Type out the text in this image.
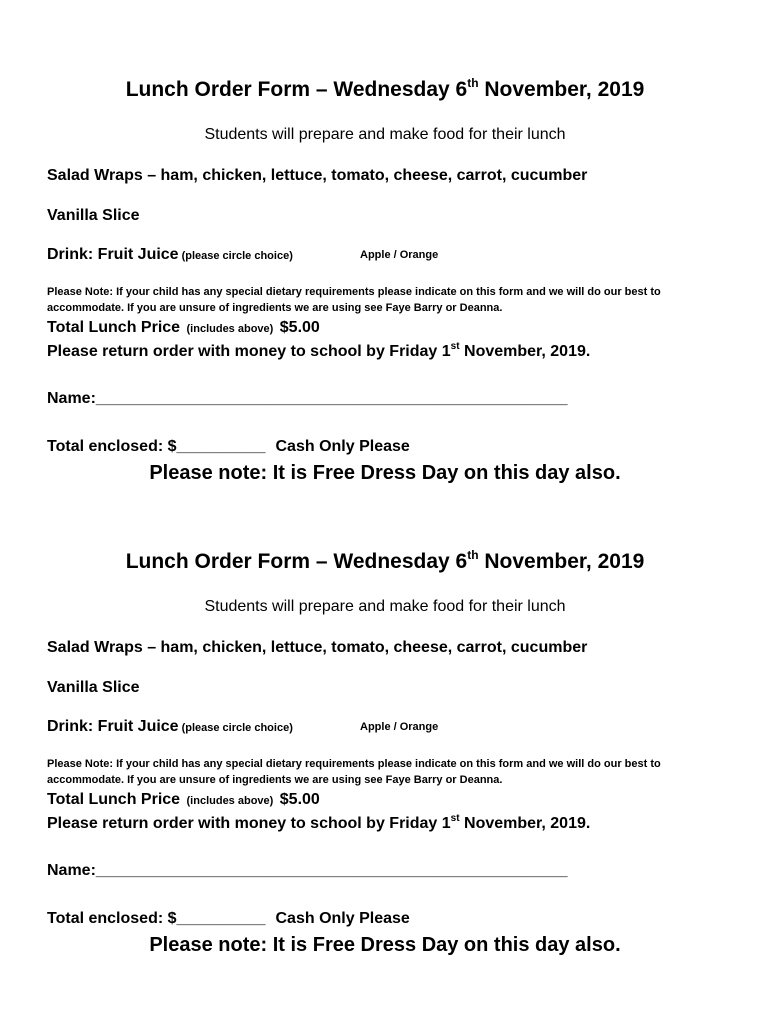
Lunch Order Form – Wednesday 6th November, 2019
Students will prepare and make food for their lunch
Salad Wraps – ham, chicken, lettuce, tomato, cheese, carrot, cucumber
Vanilla Slice
Drink: Fruit Juice (please circle choice)	Apple / Orange
Please Note: If your child has any special dietary requirements please indicate on this form and we will do our best to accommodate. If you are unsure of ingredients we are using see Faye Barry or Deanna.
Total Lunch Price (includes above) $5.00
Please return order with money to school by Friday 1st November, 2019.
Name:_____________________________________________________
Total enclosed: $__________ Cash Only Please
Please note: It is Free Dress Day on this day also.
Lunch Order Form – Wednesday 6th November, 2019
Students will prepare and make food for their lunch
Salad Wraps – ham, chicken, lettuce, tomato, cheese, carrot, cucumber
Vanilla Slice
Drink: Fruit Juice (please circle choice)	Apple / Orange
Please Note: If your child has any special dietary requirements please indicate on this form and we will do our best to accommodate. If you are unsure of ingredients we are using see Faye Barry or Deanna.
Total Lunch Price (includes above) $5.00
Please return order with money to school by Friday 1st November, 2019.
Name:_____________________________________________________
Total enclosed: $__________ Cash Only Please
Please note: It is Free Dress Day on this day also.
